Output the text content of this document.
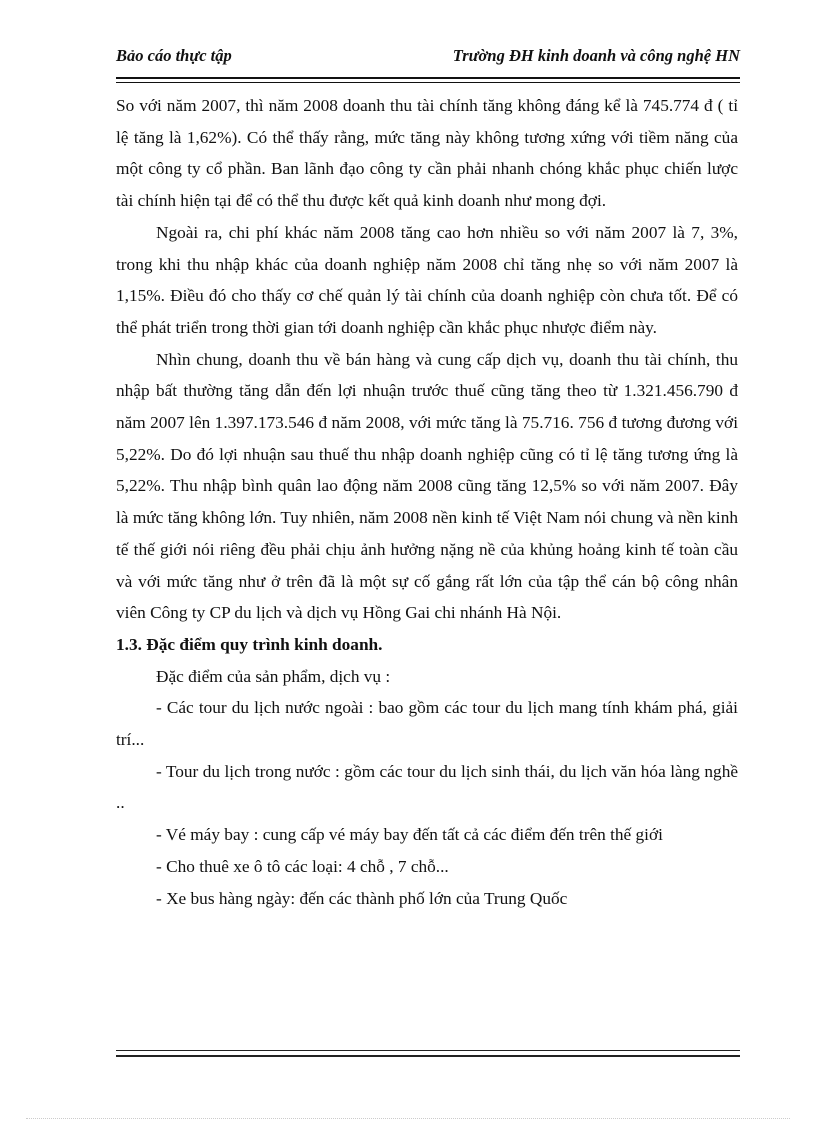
Bảo cáo thực tập	Trường ĐH kinh doanh và công nghệ HN

So với năm 2007, thì năm 2008 doanh thu tài chính tăng không đáng kể là 745.774 đ ( tỉ lệ tăng là 1,62%). Có thể thấy rằng, mức tăng này không tương xứng với tiềm năng của một công ty cổ phần. Ban lãnh đạo công ty cần phải nhanh chóng khắc phục chiến lược tài chính hiện tại để có thể thu được kết quả kinh doanh như mong đợi.

Ngoài ra, chi phí khác năm 2008 tăng cao hơn nhiều so với năm 2007 là 7, 3%, trong khi thu nhập khác của doanh nghiệp năm 2008 chỉ tăng nhẹ so với năm 2007 là 1,15%. Điều đó cho thấy cơ chế quản lý tài chính của doanh nghiệp còn chưa tốt. Để có thể phát triển trong thời gian tới doanh nghiệp cần khắc phục nhược điểm này.

Nhìn chung, doanh thu về bán hàng và cung cấp dịch vụ, doanh thu tài chính, thu nhập bất thường tăng dẫn đến lợi nhuận trước thuế cũng tăng theo từ 1.321.456.790 đ năm 2007 lên 1.397.173.546 đ năm 2008, với mức tăng là 75.716. 756 đ tương đương với 5,22%. Do đó lợi nhuận sau thuế thu nhập doanh nghiệp cũng có tỉ lệ tăng tương ứng là 5,22%. Thu nhập bình quân lao động năm 2008 cũng tăng 12,5% so với năm 2007. Đây là mức tăng không lớn. Tuy nhiên, năm 2008 nền kinh tế Việt Nam nói chung và nền kinh tế thế giới nói riêng đều phải chịu ảnh hưởng nặng nề của khủng hoảng kinh tế toàn cầu và với mức tăng như ở trên đã là một sự cố gắng rất lớn của tập thể cán bộ công nhân viên Công ty CP du lịch và dịch vụ Hồng Gai chi nhánh Hà Nội.

1.3. Đặc điểm quy trình kinh doanh.

Đặc điểm của sản phẩm, dịch vụ :

- Các tour du lịch nước ngoài : bao gồm các tour du lịch mang tính khám phá, giải trí...

- Tour du lịch trong nước : gồm các tour du lịch sinh thái, du lịch văn hóa làng nghề ..

- Vé máy bay : cung cấp vé máy bay đến tất cả các điểm đến trên thế giới

- Cho thuê xe ô tô các loại: 4 chỗ , 7 chỗ...

- Xe bus hàng ngày: đến các thành phố lớn của Trung Quốc
